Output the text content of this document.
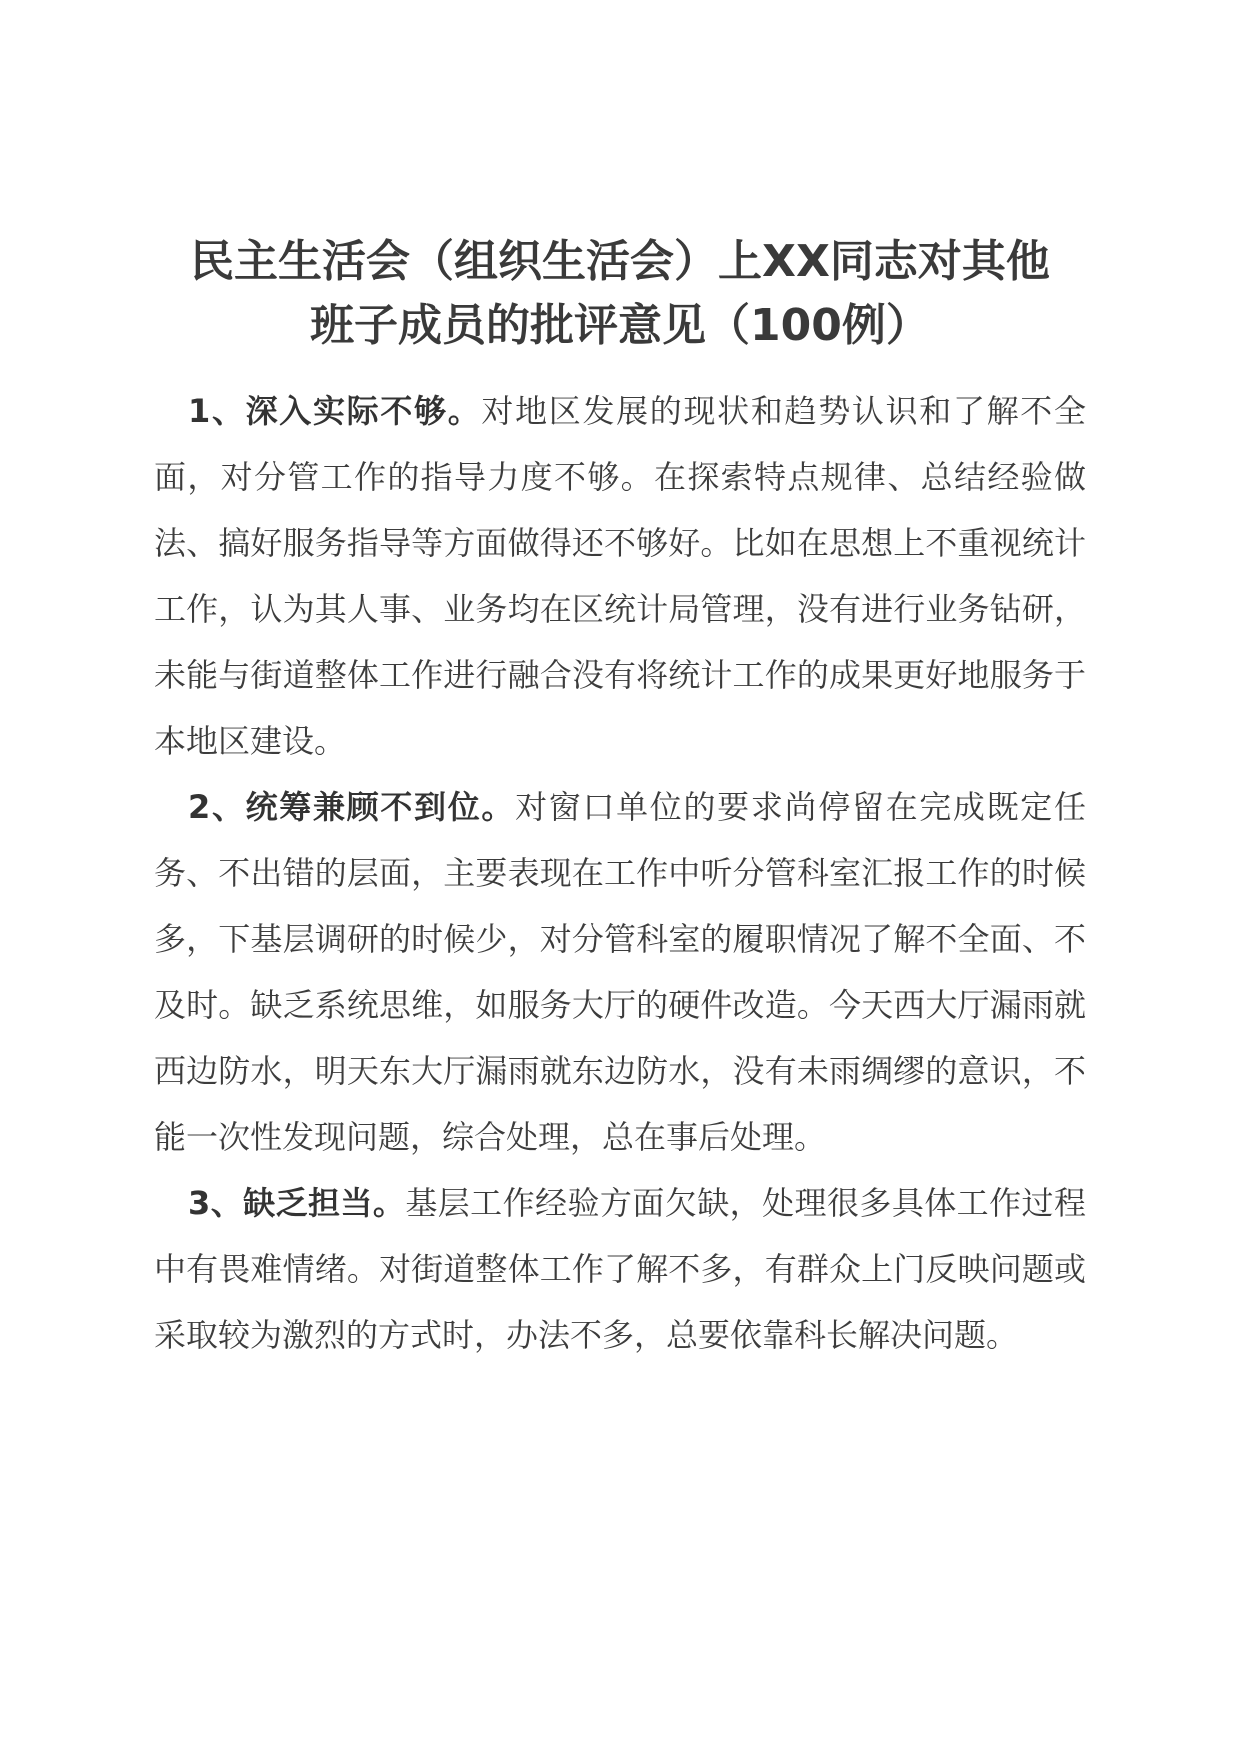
民主生活会（组织生活会）上XX同志对其他
班子成员的批评意见（100例）

1、深入实际不够。对地区发展的现状和趋势认识和了解不全面，对分管工作的指导力度不够。在探索特点规律、总结经验做法、搞好服务指导等方面做得还不够好。比如在思想上不重视统计工作，认为其人事、业务均在区统计局管理，没有进行业务钻研，未能与街道整体工作进行融合没有将统计工作的成果更好地服务于本地区建设。

2、统筹兼顾不到位。对窗口单位的要求尚停留在完成既定任务、不出错的层面，主要表现在工作中听分管科室汇报工作的时候多，下基层调研的时候少，对分管科室的履职情况了解不全面、不及时。缺乏系统思维，如服务大厅的硬件改造。今天西大厅漏雨就西边防水，明天东大厅漏雨就东边防水，没有未雨绸缪的意识，不能一次性发现问题，综合处理，总在事后处理。

3、缺乏担当。基层工作经验方面欠缺，处理很多具体工作过程中有畏难情绪。对街道整体工作了解不多，有群众上门反映问题或采取较为激烈的方式时，办法不多，总要依靠科长解决问题。
